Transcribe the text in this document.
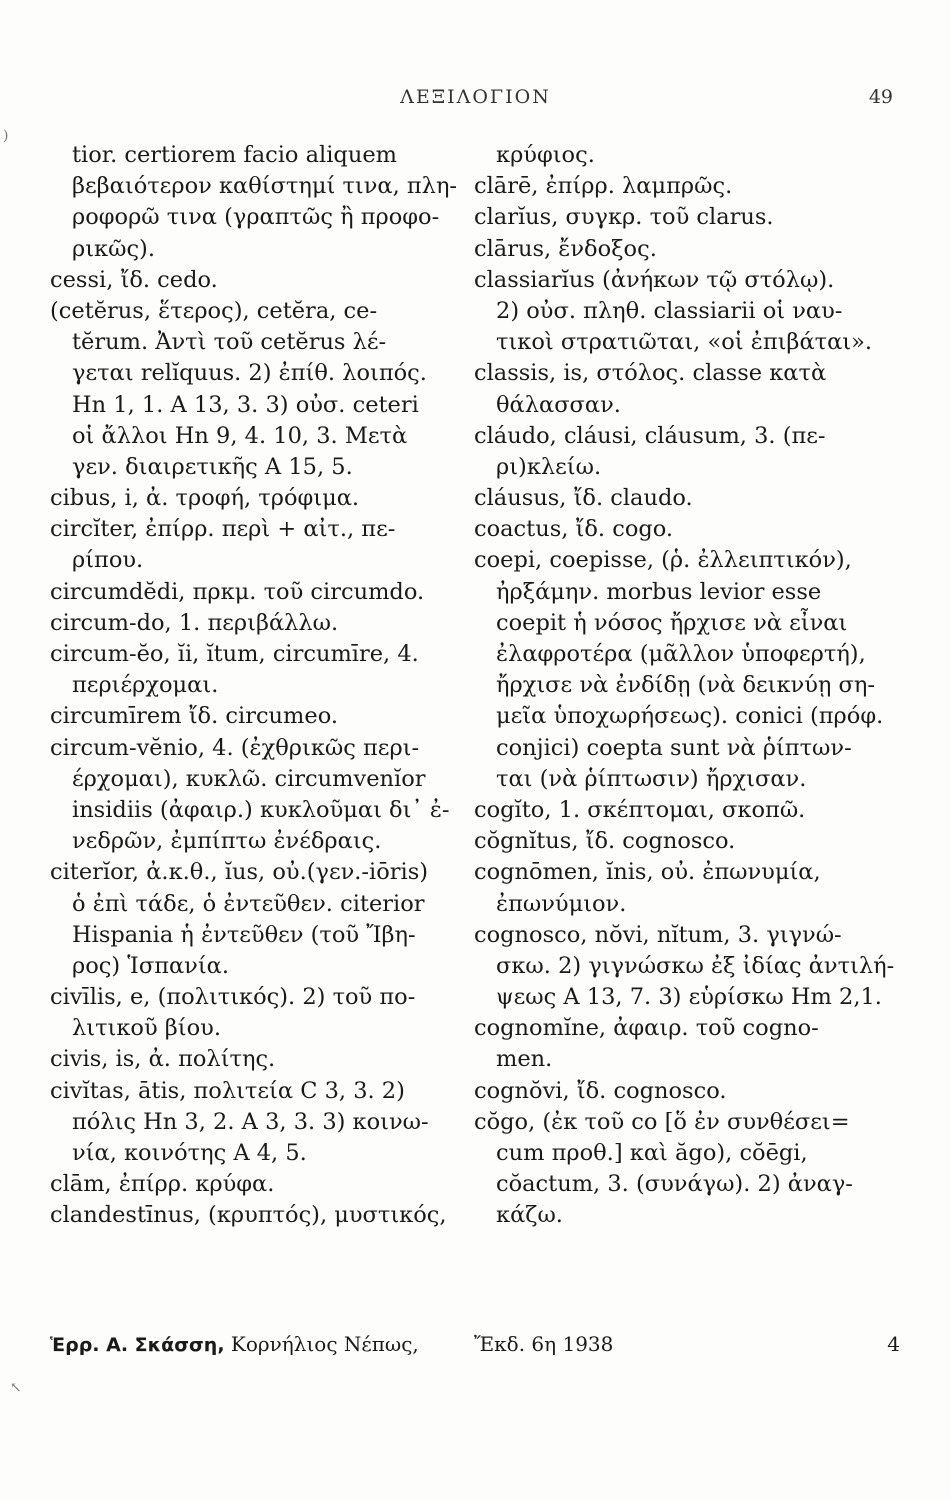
ΛΕΞΙΛΟΓΙΟΝ	49
tior. certiorem facio aliquem
βεβαιότερον καθίστημί τινα, πλη-
ροφορῶ τινα (γραπτῶς ἢ προφο-
ρικῶς).
cessi, ἴδ. cedo.
(cetĕrus, ἕτερος), cetĕra, ce-
tĕrum. Ἀντὶ τοῦ cetĕrus λέ-
γεται relĭquus. 2) ἐπίθ. λοιπός.
Hn 1, 1. A 13, 3. 3) οὐσ. ceteri
οἱ ἄλλοι Hn 9, 4. 10, 3. Μετὰ
γεν. διαιρετικῆς A 15, 5.
cibus, i, ἀ. τροφή, τρόφιμα.
circĭter, ἐπίρρ. περὶ + αἰτ., πε-
ρίπου.
circumdĕdi, πρκμ. τοῦ circumdo.
circum-do, 1. περιβάλλω.
circum-ĕo, ĭi, ĭtum, circumīre, 4.
περιέρχομαι.
circumīrem ἴδ. circumeo.
circum-vĕnio, 4. (ἐχθρικῶς περι-
έρχομαι), κυκλῶ. circumvenĭor
insidiis (ἀφαιρ.) κυκλοῦμαι δι᾽ ἐ-
νεδρῶν, ἐμπίπτω ἐνέδραις.
citerĭor, ἀ.κ.θ., ĭus, οὐ.(γεν.-iōris)
ὁ ἐπὶ τάδε, ὁ ἐντεῦθεν. citerior
Hispania ἡ ἐντεῦθεν (τοῦ Ἴβη-
ρος) Ἱσπανία.
civīlis, e, (πολιτικός). 2) τοῦ πο-
λιτικοῦ βίου.
civis, is, ἀ. πολίτης.
civĭtas, ātis, πολιτεία C 3, 3. 2)
πόλις Hn 3, 2. A 3, 3. 3) κοινω-
νία, κοινότης A 4, 5.
clām, ἐπίρρ. κρύφα.
clandestīnus, (κρυπτός), μυστικός,
κρύφιος.
clārē, ἐπίρρ. λαμπρῶς.
clarĭus, συγκρ. τοῦ clarus.
clārus, ἔνδοξος.
classiarĭus (ἀνήκων τῷ στόλῳ).
2) οὐσ. πληθ. classiarii οἱ ναυ-
τικοὶ στρατιῶται, «οἱ ἐπιβάται».
classis, is, στόλος. classe κατὰ
θάλασσαν.
cláudo, cláusi, cláusum, 3. (πε-
ρι)κλείω.
cláusus, ἴδ. claudo.
coactus, ἴδ. cogo.
coepi, coepisse, (ῥ. ἐλλειπτικόν),
ἠρξάμην. morbus levior esse
coepit ἡ νόσος ἤρχισε νὰ εἶναι
ἐλαφροτέρα (μᾶλλον ὑποφερτή),
ἤρχισε νὰ ἐνδίδῃ (νὰ δεικνύῃ ση-
μεῖα ὑποχωρήσεως). conici (πρόφ.
conjici) coepta sunt νὰ ῥίπτων-
ται (νὰ ῥίπτωσιν) ἤρχισαν.
cogĭto, 1. σκέπτομαι, σκοπῶ.
cŏgnĭtus, ἴδ. cognosco.
cognōmen, ĭnis, οὐ. ἐπωνυμία,
ἐπωνύμιον.
cognosco, nŏvi, nĭtum, 3. γιγνώ-
σκω. 2) γιγνώσκω ἐξ ἰδίας ἀντιλή-
ψεως A 13, 7. 3) εὑρίσκω Hm 2,1.
cognomĭne, ἀφαιρ. τοῦ cogno-
men.
cognŏvi, ἴδ. cognosco.
cŏgo, (ἐκ τοῦ co [ὅ ἐν συνθέσει=
cum προθ.] καὶ ăgo), cŏēgi,
cŏactum, 3. (συνάγω). 2) ἀναγ-
κάζω.
Ἑρρ. Α. Σκάσση, Κορνήλιος Νέπως,	Ἔκδ. 6η 1938	4
)
↖
